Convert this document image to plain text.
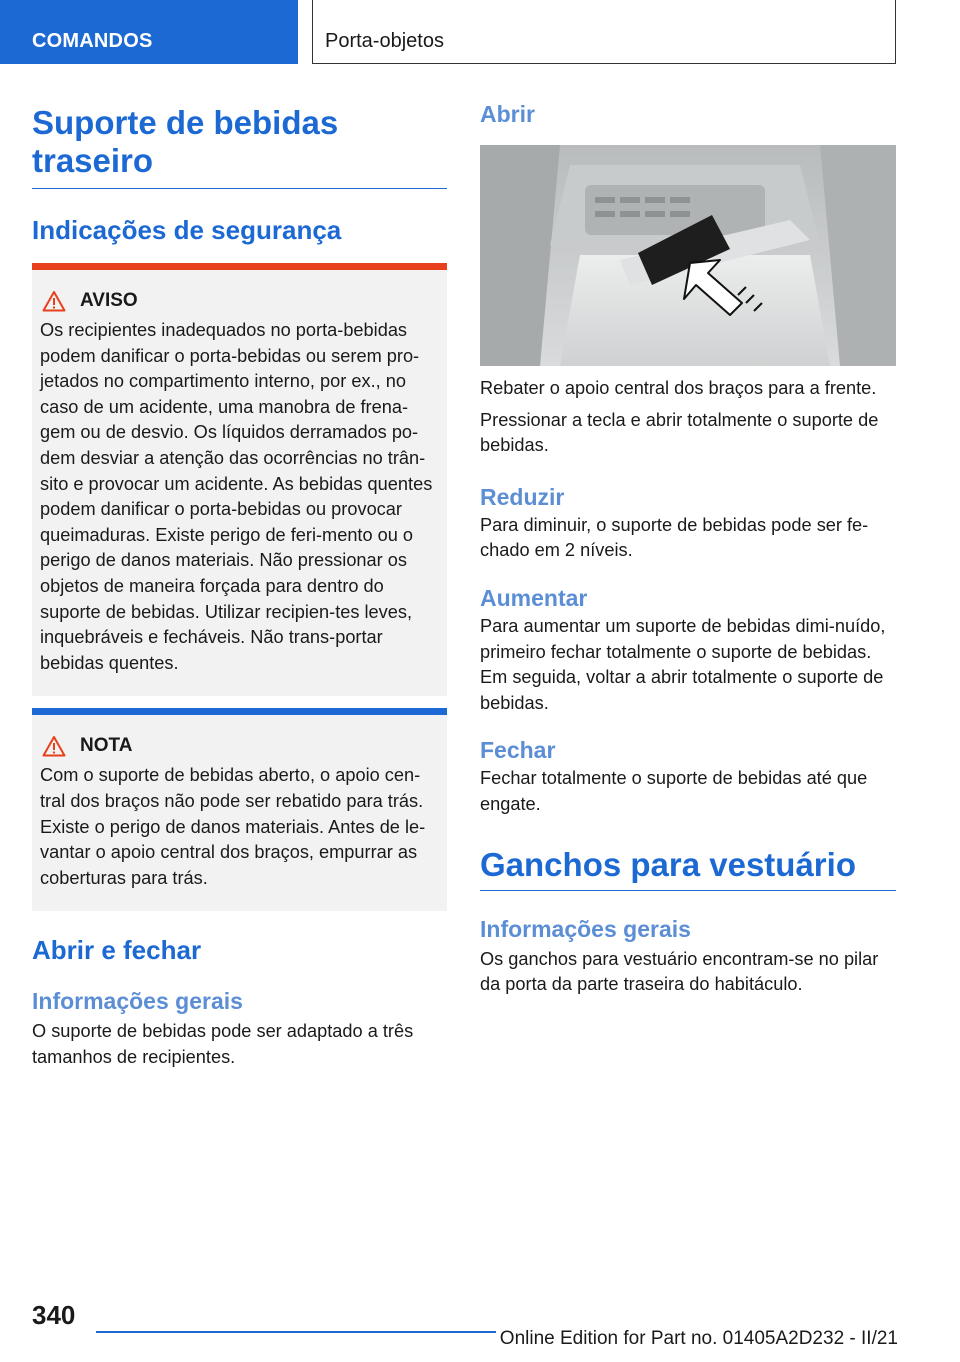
COMANDOS	Porta-objetos
Suporte de bebidas traseiro
Indicações de segurança
AVISO

Os recipientes inadequados no porta-bebidas podem danificar o porta-bebidas ou serem pro-jetados no compartimento interno, por ex., no caso de um acidente, uma manobra de frena-gem ou de desvio. Os líquidos derramados po-dem desviar a atenção das ocorrências no trân-sito e provocar um acidente. As bebidas quentes podem danificar o porta-bebidas ou provocar queimaduras. Existe perigo de feri-mento ou o perigo de danos materiais. Não pressionar os objetos de maneira forçada para dentro do suporte de bebidas. Utilizar recipien-tes leves, inquebráveis e fecháveis. Não trans-portar bebidas quentes.

NOTA

Com o suporte de bebidas aberto, o apoio cen-tral dos braços não pode ser rebatido para trás. Existe o perigo de danos materiais. Antes de le-vantar o apoio central dos braços, empurrar as coberturas para trás.

Abrir e fechar
Informações gerais

O suporte de bebidas pode ser adaptado a três tamanhos de recipientes.

Abrir

Rebater o apoio central dos braços para a frente.

Pressionar a tecla e abrir totalmente o suporte de bebidas.

Reduzir

Para diminuir, o suporte de bebidas pode ser fe-chado em 2 níveis.

Aumentar

Para aumentar um suporte de bebidas dimi-nuído, primeiro fechar totalmente o suporte de bebidas. Em seguida, voltar a abrir totalmente o suporte de bebidas.

Fechar

Fechar totalmente o suporte de bebidas até que engate.

Ganchos para vestuário
Informações gerais

Os ganchos para vestuário encontram-se no pilar da porta da parte traseira do habitáculo.

340
Online Edition for Part no. 01405A2D232 - II/21
